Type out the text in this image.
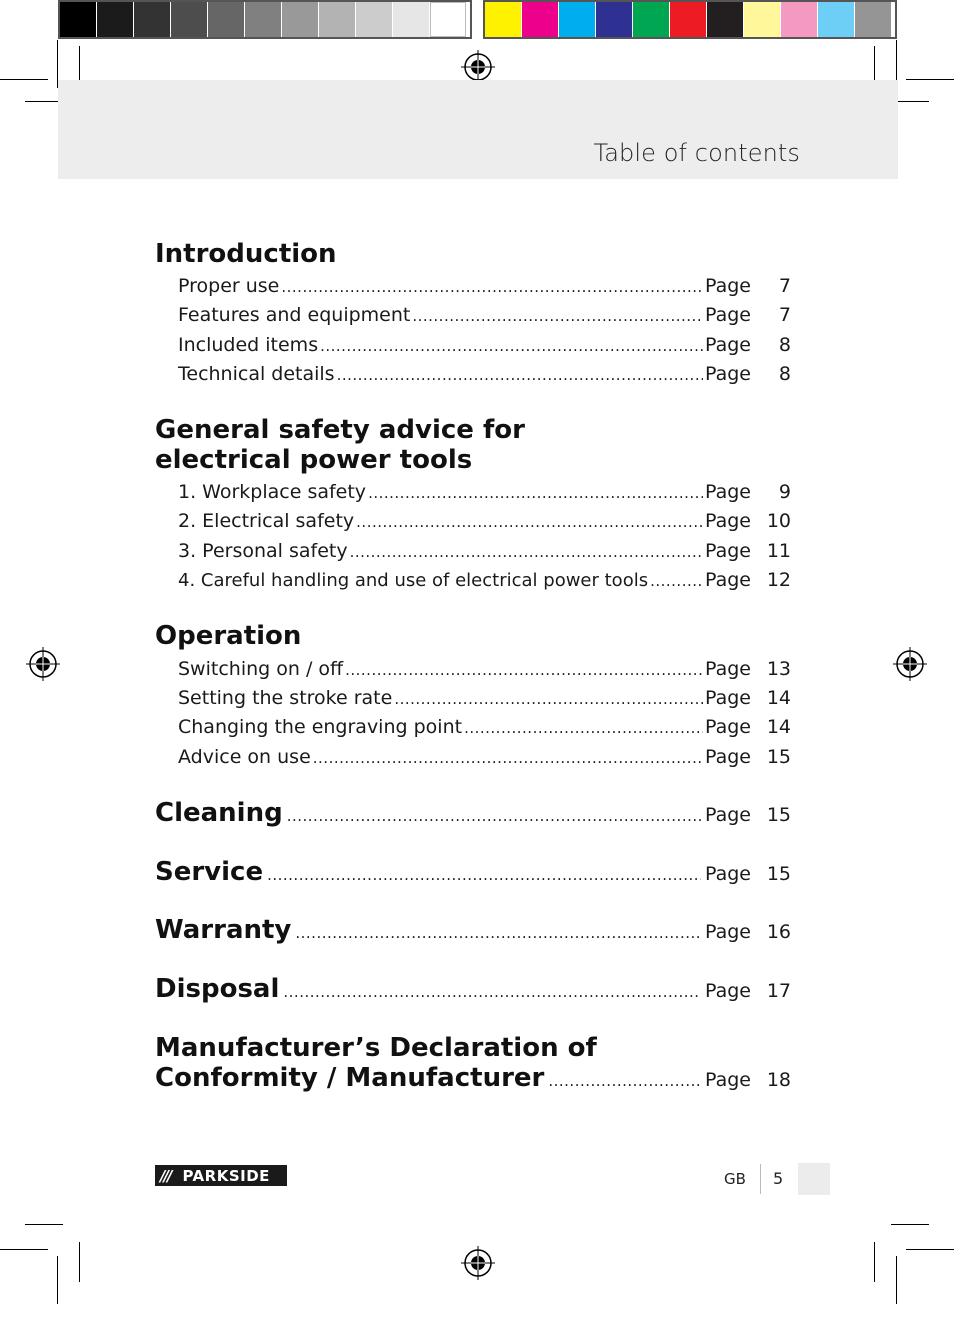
Table of contents
Introduction
Proper use .....	Page	7
Features and equipment .....	Page	7
Included items .....	Page	8
Technical details .....	Page	8
General safety advice for
electrical power tools
1. Workplace safety .....	Page	9
2. Electrical safety .....	Page 10
3. Personal safety .....	Page 11
4. Careful handling and use of electrical power tools .....	Page 12
Operation
Switching on / off .....	Page 13
Setting the stroke rate .....	Page 14
Changing the engraving point .....	Page 14
Advice on use .....	Page 15
Cleaning .....	Page 15
Service .....	Page 15
Warranty .....	Page 16
Disposal .....	Page 17
Manufacturer’s Declaration of
Conformity / Manufacturer .....	Page 18
/// PARKSIDE	GB 5
